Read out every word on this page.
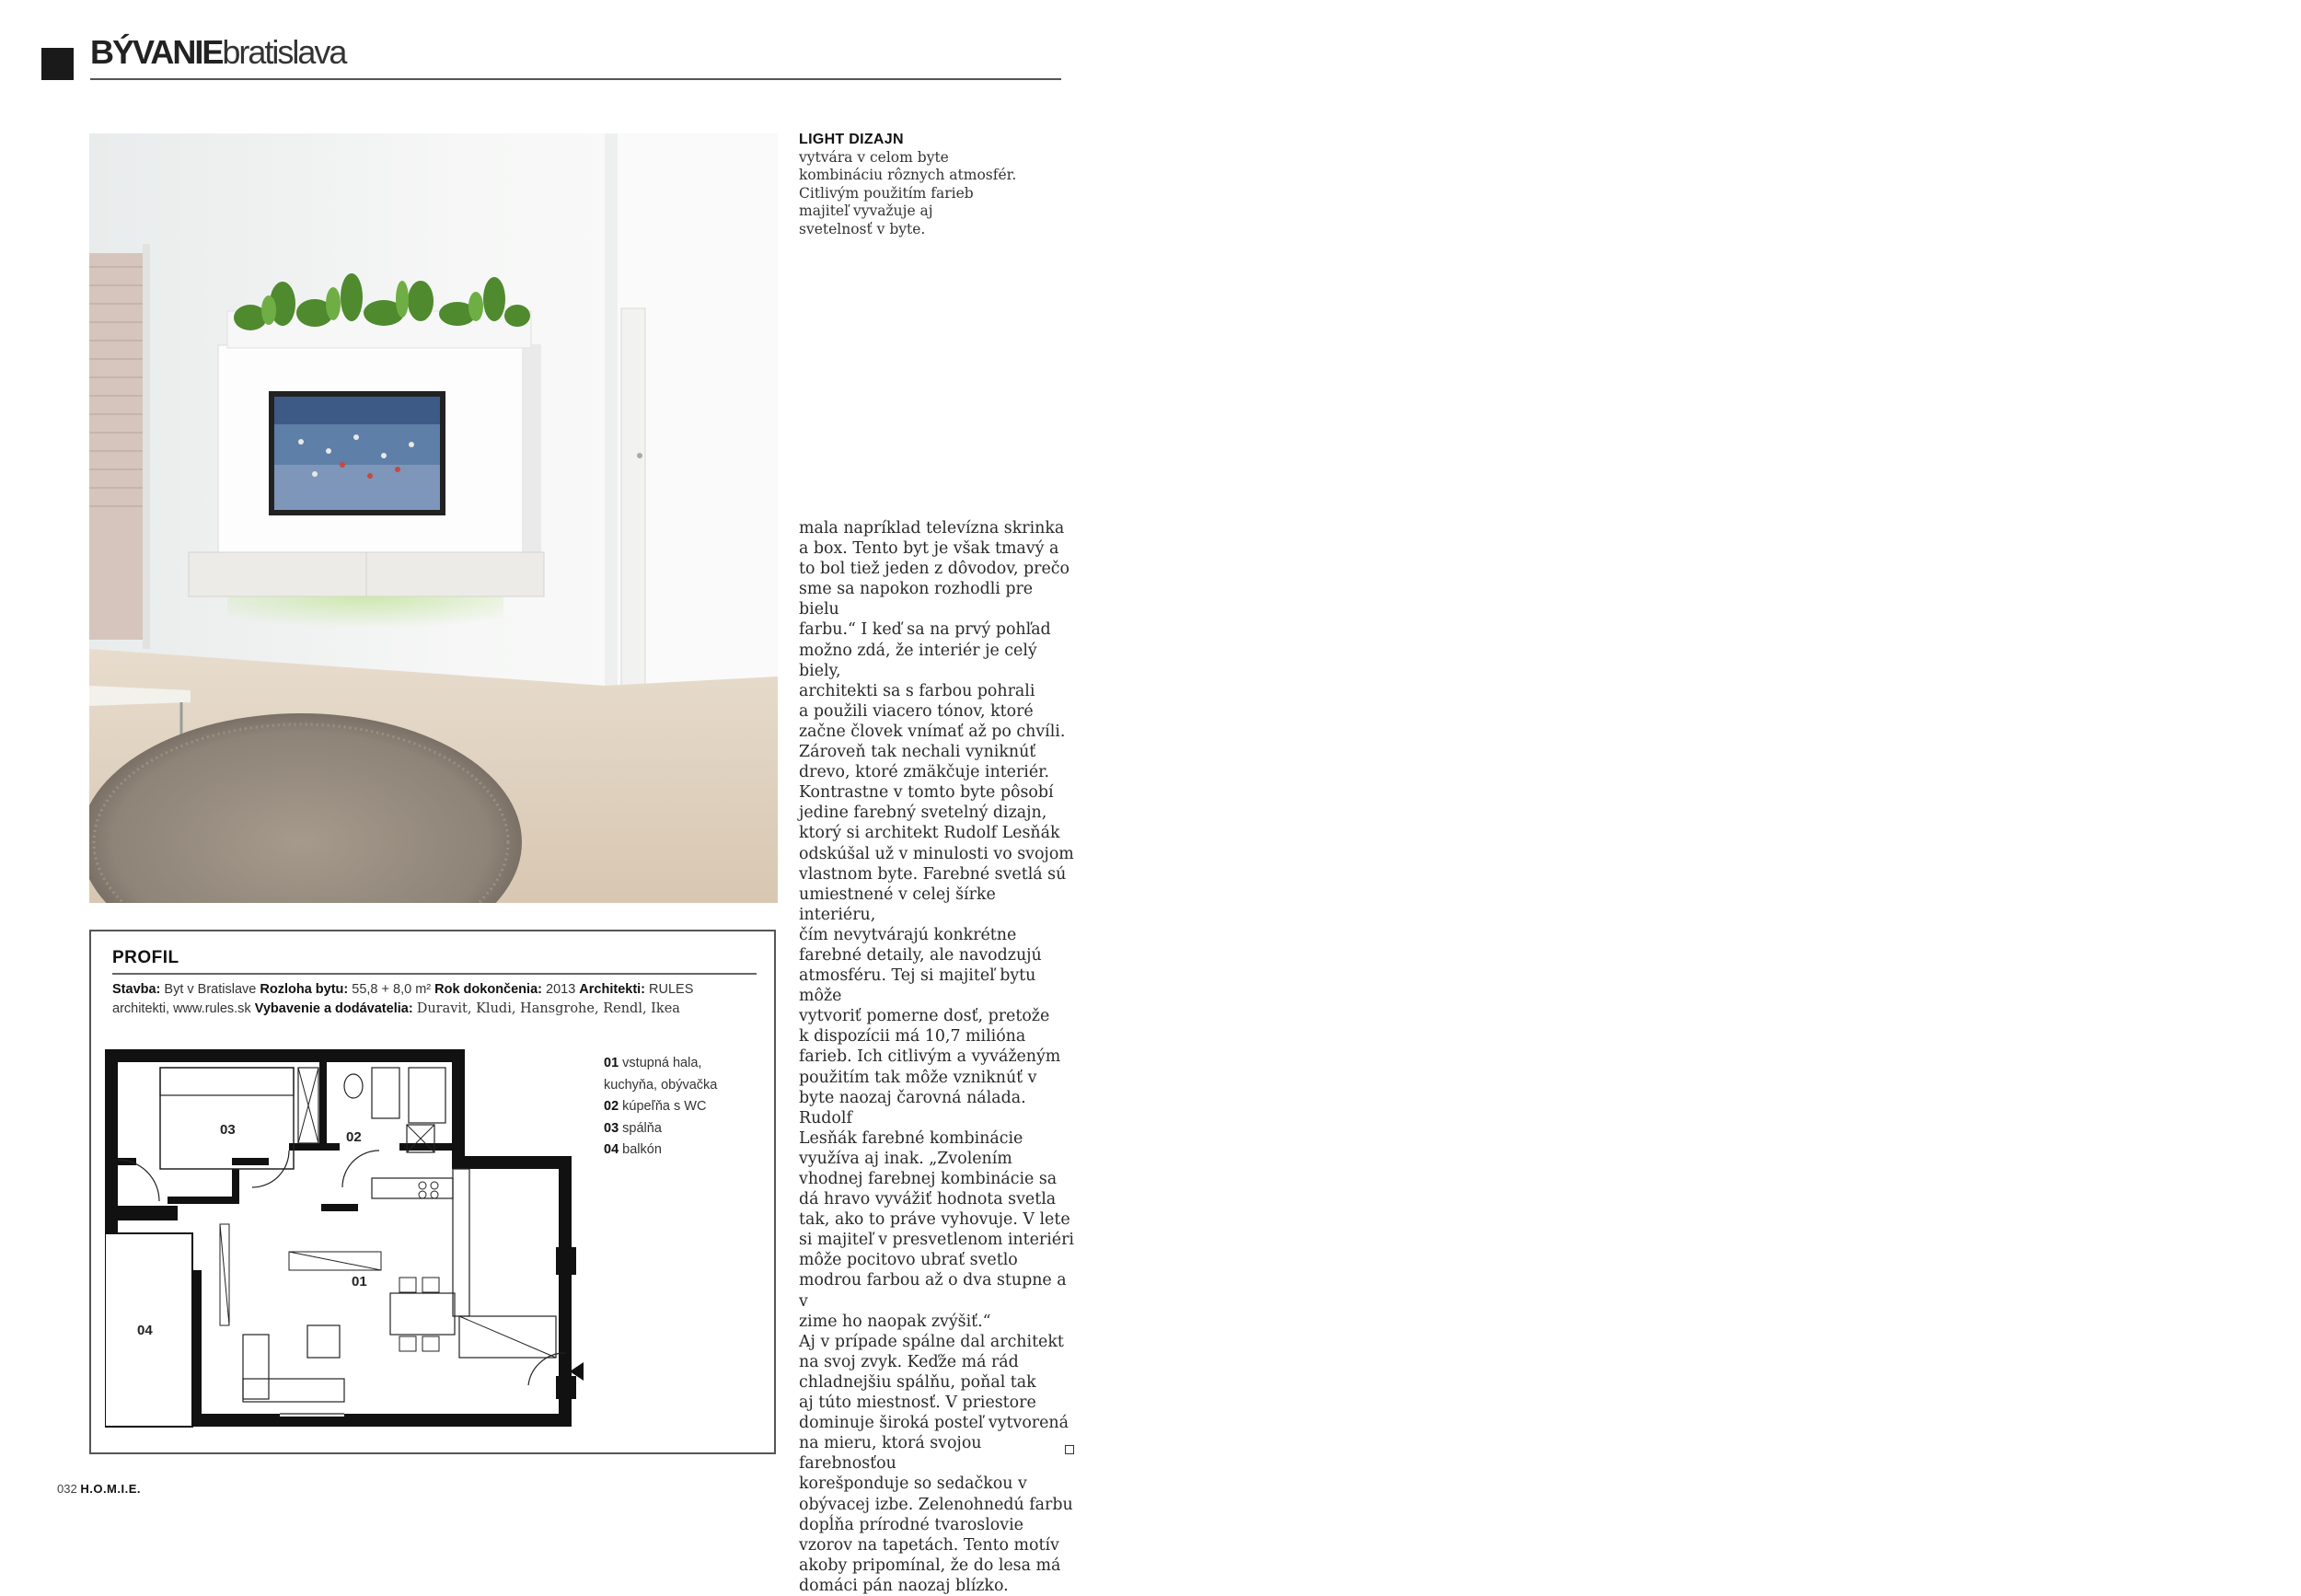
BÝVANIEbratislava
LIGHT DIZAJN
vytvára v celom byte
kombináciu rôznych atmosfér.
Citlivým použitím farieb
majiteľ vyvažuje aj
svetelnosť v byte.

mala napríklad televízna skrinka

a box. Tento byt je však tmavý a

to bol tiež jeden z dôvodov, prečo

sme sa napokon rozhodli pre bielu

farbu.“ I keď sa na prvý pohľad

možno zdá, že interiér je celý biely,

architekti sa s farbou pohrali

a použili viacero tónov, ktoré

začne človek vnímať až po chvíli.

Zároveň tak nechali vyniknúť

drevo, ktoré zmäkčuje interiér.

Kontrastne v tomto byte pôsobí

jedine farebný svetelný dizajn,

ktorý si architekt Rudolf Lesňák

odskúšal už v minulosti vo svojom

vlastnom byte. Farebné svetlá sú

umiestnené v celej šírke interiéru,

čím nevytvárajú konkrétne

farebné detaily, ale navodzujú

atmosféru. Tej si majiteľ bytu môže

vytvoriť pomerne dosť, pretože

k dispozícii má 10,7 milióna

farieb. Ich citlivým a vyváženým

použitím tak môže vzniknúť v

byte naozaj čarovná nálada. Rudolf

Lesňák farebné kombinácie

využíva aj inak. „Zvolením

vhodnej farebnej kombinácie sa

dá hravo vyvážiť hodnota svetla

tak, ako to práve vyhovuje. V lete

si majiteľ v presvetlenom interiéri

môže pocitovo ubrať svetlo

modrou farbou až o dva stupne a v

zime ho naopak zvýšiť.“

Aj v prípade spálne dal architekt

na svoj zvyk. Keďže má rád

chladnejšiu spálňu, poňal tak

aj túto miestnosť. V priestore

dominuje široká posteľ vytvorená

na mieru, ktorá svojou farebnosťou

korešponduje so sedačkou v

obývacej izbe. Zelenohnedú farbu

dopĺňa prírodné tvaroslovie

vzorov na tapetách. Tento motív

akoby pripomínal, že do lesa má

domáci pán naozaj blízko.

PROFIL
Stavba: Byt v Bratislave Rozloha bytu: 55,8 + 8,0 m² Rok dokončenia: 2013 Architekti: RULES
architekti, www.rules.sk Vybavenie a dodávatelia: Duravit, Kludi, Hansgrohe, Rendl, Ikea
03	02
01
04
01 vstupná hala,
kuchyňa, obývačka
02 kúpeľňa s WC
03 spálňa
04 balkón
032 H.O.M.I.E.
